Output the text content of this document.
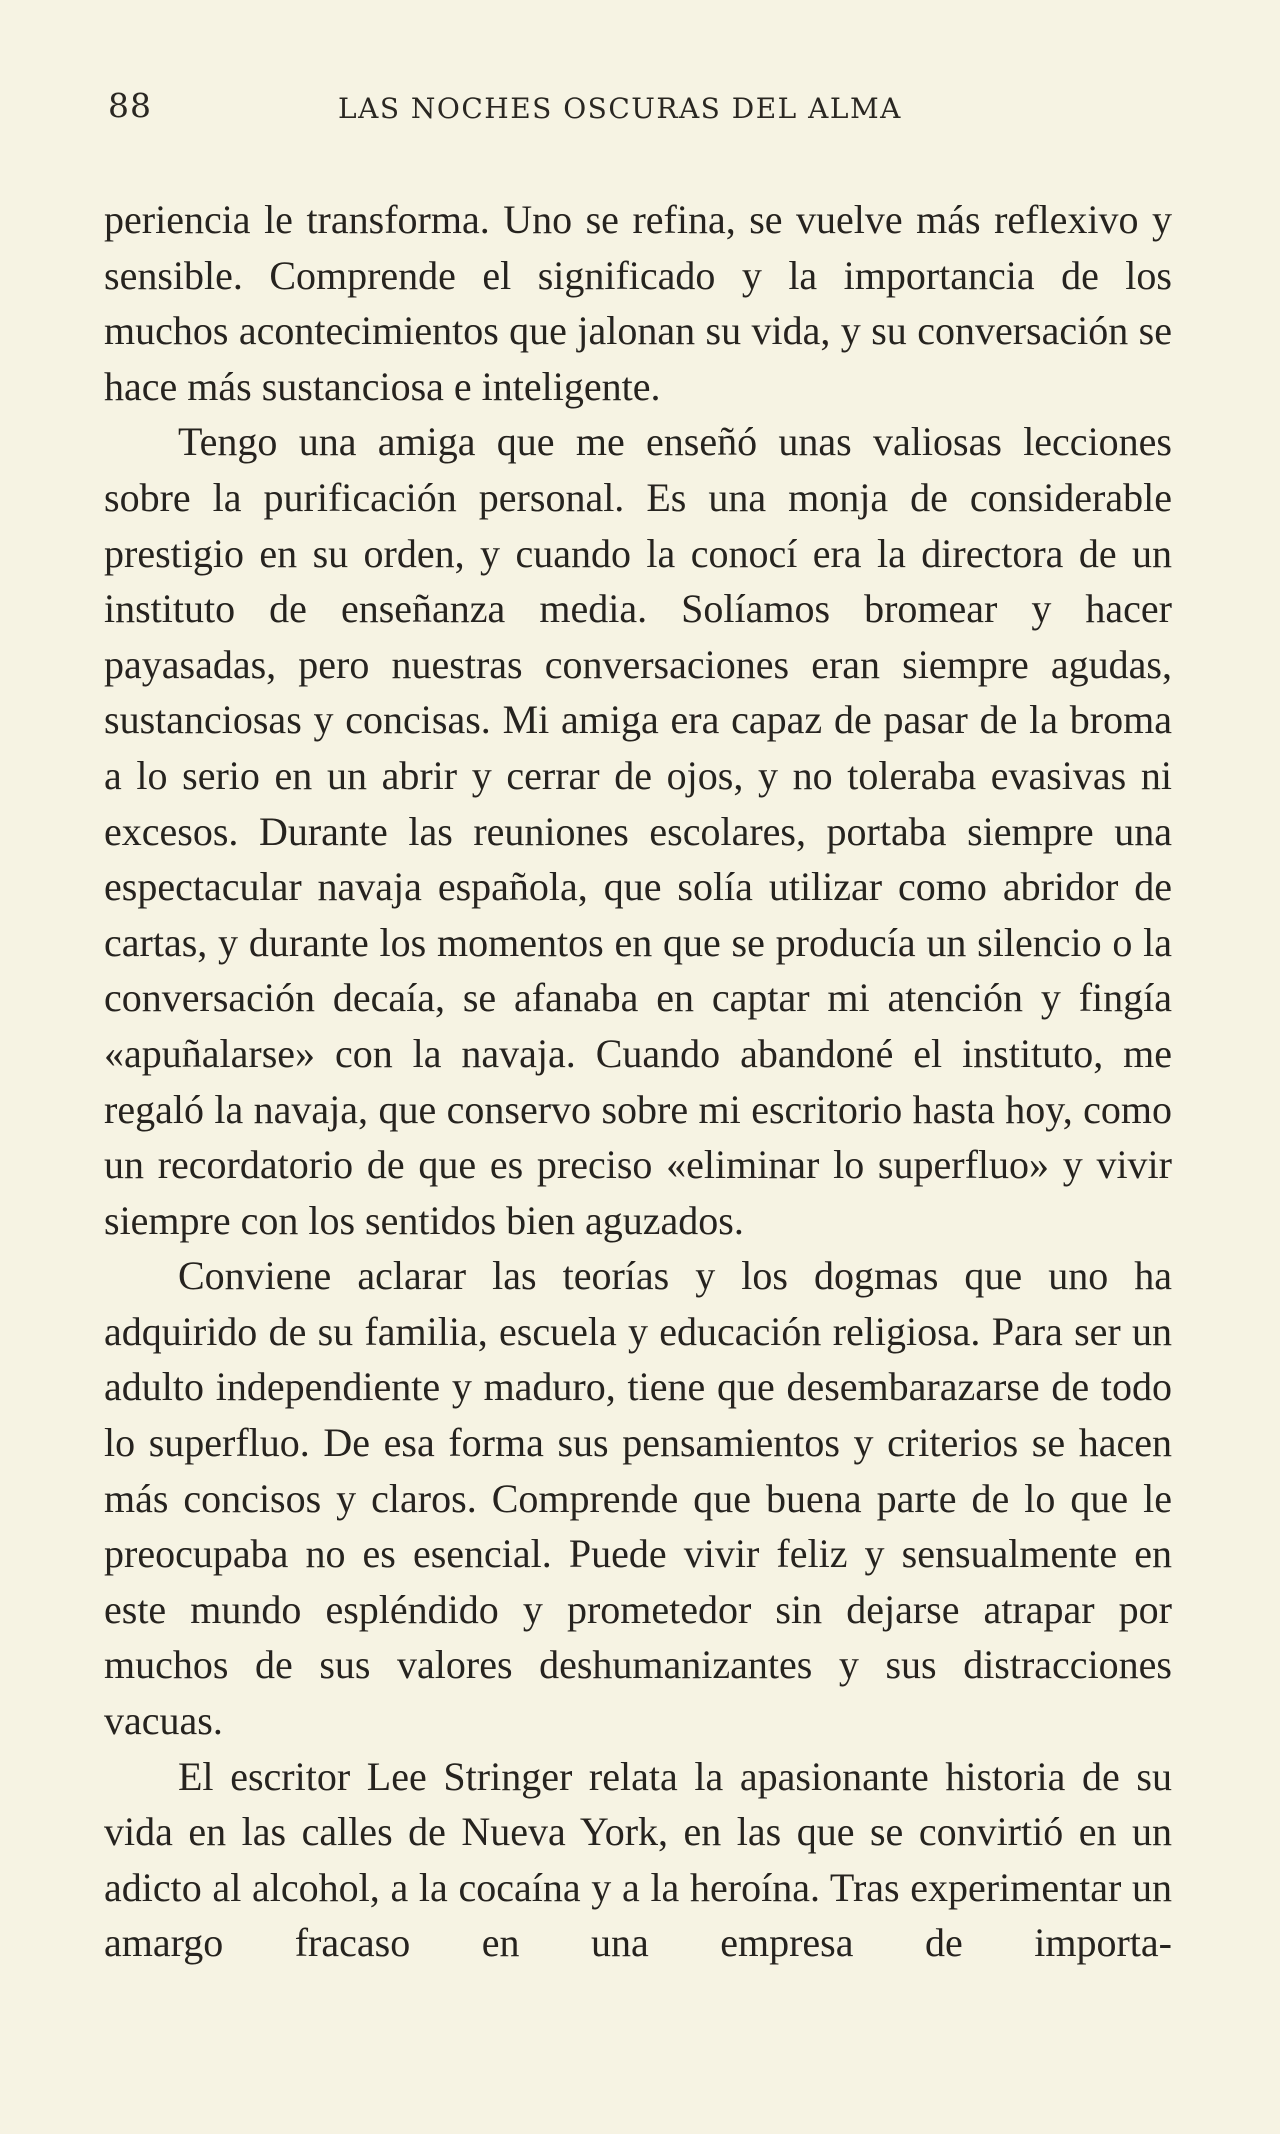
88	LAS NOCHES OSCURAS DEL ALMA

periencia le transforma. Uno se refina, se vuelve más reflexivo y sensible. Comprende el significado y la importancia de los muchos acontecimientos que jalonan su vida, y su conversación se hace más sustanciosa e inteligente.

Tengo una amiga que me enseñó unas valiosas lecciones sobre la purificación personal. Es una monja de considerable prestigio en su orden, y cuando la conocí era la directora de un instituto de enseñanza media. Solíamos bromear y hacer payasadas, pero nuestras conversaciones eran siempre agudas, sustanciosas y concisas. Mi amiga era capaz de pasar de la broma a lo serio en un abrir y cerrar de ojos, y no toleraba evasivas ni excesos. Durante las reuniones escolares, portaba siempre una espectacular navaja española, que solía utilizar como abridor de cartas, y durante los momentos en que se producía un silencio o la conversación decaía, se afanaba en captar mi atención y fingía «apuñalarse» con la navaja. Cuando abandoné el instituto, me regaló la navaja, que conservo sobre mi escritorio hasta hoy, como un recordatorio de que es preciso «eliminar lo superfluo» y vivir siempre con los sentidos bien aguzados.

Conviene aclarar las teorías y los dogmas que uno ha adquirido de su familia, escuela y educación religiosa. Para ser un adulto independiente y maduro, tiene que desembarazarse de todo lo superfluo. De esa forma sus pensamientos y criterios se hacen más concisos y claros. Comprende que buena parte de lo que le preocupaba no es esencial. Puede vivir feliz y sensualmente en este mundo espléndido y prometedor sin dejarse atrapar por muchos de sus valores deshumanizantes y sus distracciones vacuas.

El escritor Lee Stringer relata la apasionante historia de su vida en las calles de Nueva York, en las que se convirtió en un adicto al alcohol, a la cocaína y a la heroína. Tras experimentar un amargo fracaso en una empresa de importa-
